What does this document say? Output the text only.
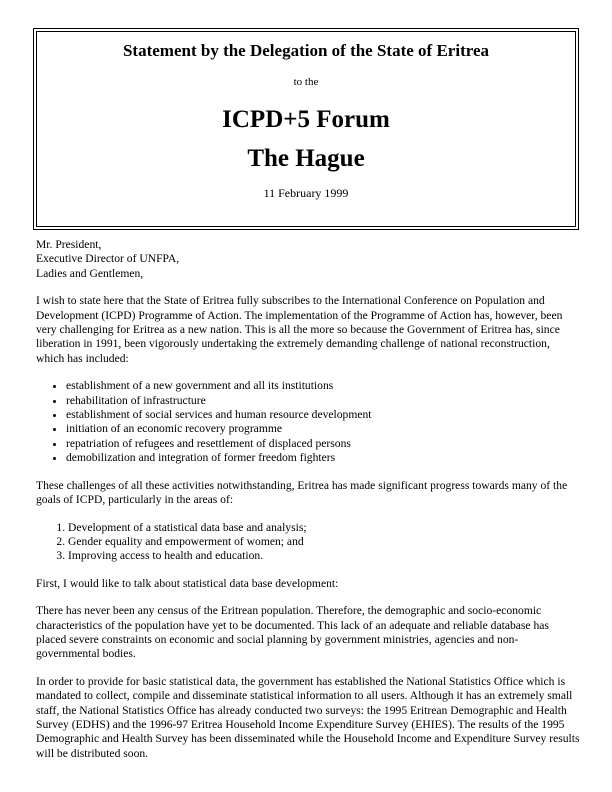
Statement by the Delegation of the State of Eritrea
to the
ICPD+5 Forum
The Hague
11 February 1999

Mr. President,
Executive Director of UNFPA,
Ladies and Gentlemen,

I wish to state here that the State of Eritrea fully subscribes to the International Conference on Population and Development (ICPD) Programme of Action. The implementation of the Programme of Action has, however, been very challenging for Eritrea as a new nation. This is all the more so because the Government of Eritrea has, since liberation in 1991, been vigorously undertaking the extremely demanding challenge of national reconstruction, which has included:

• establishment of a new government and all its institutions
• rehabilitation of infrastructure
• establishment of social services and human resource development
• initiation of an economic recovery programme
• repatriation of refugees and resettlement of displaced persons
• demobilization and integration of former freedom fighters

These challenges of all these activities notwithstanding, Eritrea has made significant progress towards many of the goals of ICPD, particularly in the areas of:

1. Development of a statistical data base and analysis;
2. Gender equality and empowerment of women; and
3. Improving access to health and education.

First, I would like to talk about statistical data base development:

There has never been any census of the Eritrean population. Therefore, the demographic and socio-economic characteristics of the population have yet to be documented. This lack of an adequate and reliable database has placed severe constraints on economic and social planning by government ministries, agencies and non-governmental bodies.

In order to provide for basic statistical data, the government has established the National Statistics Office which is mandated to collect, compile and disseminate statistical information to all users. Although it has an extremely small staff, the National Statistics Office has already conducted two surveys: the 1995 Eritrean Demographic and Health Survey (EDHS) and the 1996-97 Eritrea Household Income Expenditure Survey (EHIES). The results of the 1995 Demographic and Health Survey has been disseminated while the Household Income and Expenditure Survey results will be distributed soon.
